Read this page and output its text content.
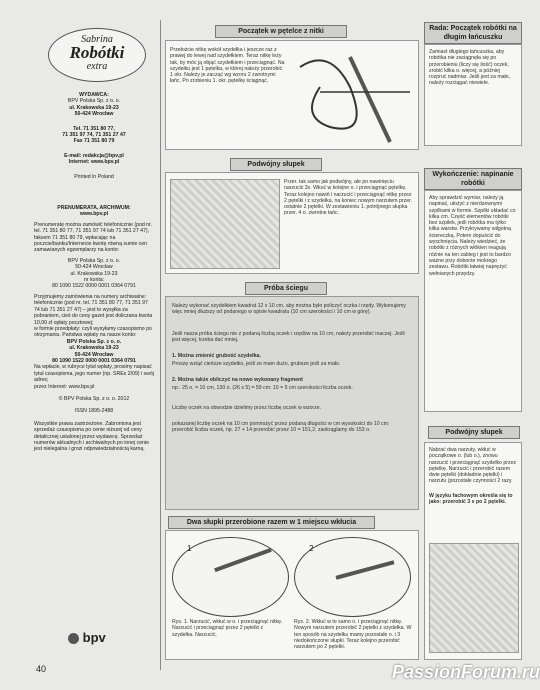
Sabrina
Robótki
extra
WYDAWCA:
BPV Polska Sp. z o. o.
ul. Krakowska 19-23
50-424 Wrocław
Tel. 71 351 80 77,
71 351 97 74, 71 351 27 47
Fax 71 351 80 79
E-mail: redakcja@bpv.pl
Internet: www.bpv.pl
Printed in Poland
PRENUMERATA, ARCHIWUM:
www.bpv.pl
Prenumeratę można zamówić telefonicznie (pod nr. tel. 71 351 80 77, 71 351 97 74 lub 71 351 27 47), faksem 71 351 80 79, wpłacając na poczcie/banku/Internecie kwotę równą sumie cen zamawianych egzemplarzy na konto:
BPV Polska Sp. z o. o.
50-424 Wrocław
ul. Krakowska 19-23
nr konta:
80 1090 1522 0000 0001 0364 0791
Przyjmujemy zamówienia na numery archiwalne:
telefonicznie (pod nr. tel. 71 351 80 77, 71 351 97 74 lub 71 351 27 47) – jest to wysyłka za pobraniem, cieś do ceny gazet jest doliczana kwota 10,00 zł opłaty pocztowej;
w formie przedpłaty: czyli wysyłamy czasopismo po otrzymaniu. Państwa wpłaty na nasze konto:
BPV Polska Sp. z o. o.
ul. Krakowska 19-23
50-424 Wrocław
80 1090 1522 0000 0001 0364 0791
Na wpłacie, w rubryce tytuł wpłaty, prosimy napisać tytuł czasopisma, jego numer (np. SREx 2/09) i swój adres;
przez Internet: www.bpv.pl
© BPV Polska Sp. z o. o. 2012
ISSN 1895-2488
Wszystkie prawa zastrzeżone. Zabroniona jest sprzedaż czasopisma po cenie niższej od ceny detalicznej ustalonej przez wydawcę. Sprzedaż numerów aktualnych i archiwalnych po innej cenie jest nielegalna i grozi odpowiedzialnością karną.
bpv
Początek w pętelce z nitki
Przełożcie nitkę wokół szydełka i jeszcze raz z prawej do lewej nad szydełkiem. Teraz nitkę leży tak, by móc ją objąć szydełkiem i przeciągnąć. Na szydełku jest 1 pętelka, w której należy przerobić 1 okr. Należy je zacząć wg wzoru 2 zwrotnymi łańc. Po zrobieniu 1. okr. pętelkę ściągnąć.
Podwójny słupek
Przer. tak samo jak podwójny, ale po nawinięciu narzucić 3x. Wkuć w kolejne o. i przeciągnąć pętelkę. Teraz kolejno nawiń i narzucić i przeciągnąć nitkę przez 2 pętelki i z szydełka, na koniec nowym narzutem przer. ostatnie 2 pętelki. W zestawieniu 1. potrójnego słupka przer. 4 o. zwrotne łańc.
Próba ściegu
Należy wykonać szydełkiem kwadrat 12 x 10 cm, aby można było policzyć oczka i rzędy. Wykonujemy więc mniej dłuższy od podanego w opisie kwadratu (10 cm szerokości i 10 cm w górę).
Jeśli nasza próba ściegu nie z podaną liczbą oczek i rzędów na 10 cm, należy przerobić inaczej. Jeśli jest więcej, trzeba dać mniej.
1. Można zmienić grubość szydełka.
Proszę wziąć cieńsze szydełko, jeśli ze mam dużo, grubsze jeśli za mało.
2. Można także obliczyć na nowo wykonany fragment
np.: 25 o. = 10 cm, 130 o. (26 x 5) = 59 cm: 10 = 5 cm szerokości liczba oczek.
Liczbę oczek na obwodzie dzielimy przez liczbę oczek w wzorze.
pokazanej liczbę oczek na 10 cm pomnożyć przez podaną długości w cm wysokości do 10 cm: przerobić liczba oczek, np. 27 + 14 przerobić przez 10 = 151,2; zaokrąglamy do 153 o.
Dwa słupki przerobione razem w 1 miejscu wkłucia
1	2
Rys. 1. Narzucić, wkłuć w o. i przeciągnąć nitkę. Narzucić i przeciągnąć przez 2 pętelki z szydełka. Narzucić,
Rys. 2. Wkłuć w to samo o. i przeciągnąć nitkę. Nowym narzutem przerobić 2 pętelki z szydełka. W ten sposób na szydełku mamy pozostałe o. i 3 niedokończone słupki. Teraz kolejno przerobić narzutem po 2 pętelki.
Rada: Początek robótki na długim łańcuszku
Zamiast długiego łańcuszka, aby robótka nie zaciągnęła się po przerobieniu (liczy się ilość) oczek, zrobić kilka o. więcej, a później rozpruć nadmiar. Jeśli jest za mało, należy rozciągać niewiele.
Wykończenie: napinanie robótki
Aby sprawdzić wymiar, należy ją napinać, ułożyć z nierdzewnymi szpilkami w formie. Szpilki układać co kilka cm. Część elementów robótki bez szpilek, jeśli robótka ma tylko kilka warstw. Przykrywamy wilgotną ściereczką. Potem dopuścić do wyschnięcia. Należy wiedzieć, że robótki z różnych włókien reagują różnie na ten zabieg i jest to bardzo ważne przy doborze mokrego zestawu. Robótki łatwiej naprężyć wełnianych przędzy.
Podwójny słupek
Nabrać dwa narzuty, wkłuć w początkowe o. (lub o.), znowu narzucić i przeciągnąć szydełko przez pętelkę. Narzucić i przerobić razem dwie pętelki (dokładnie pętelki) i narzutu (pozostałe czynności 2 razy.
W języku fachowym określa się to jako: przerobić 3 x po 2 pętelki.
40	PassionForum.ru
